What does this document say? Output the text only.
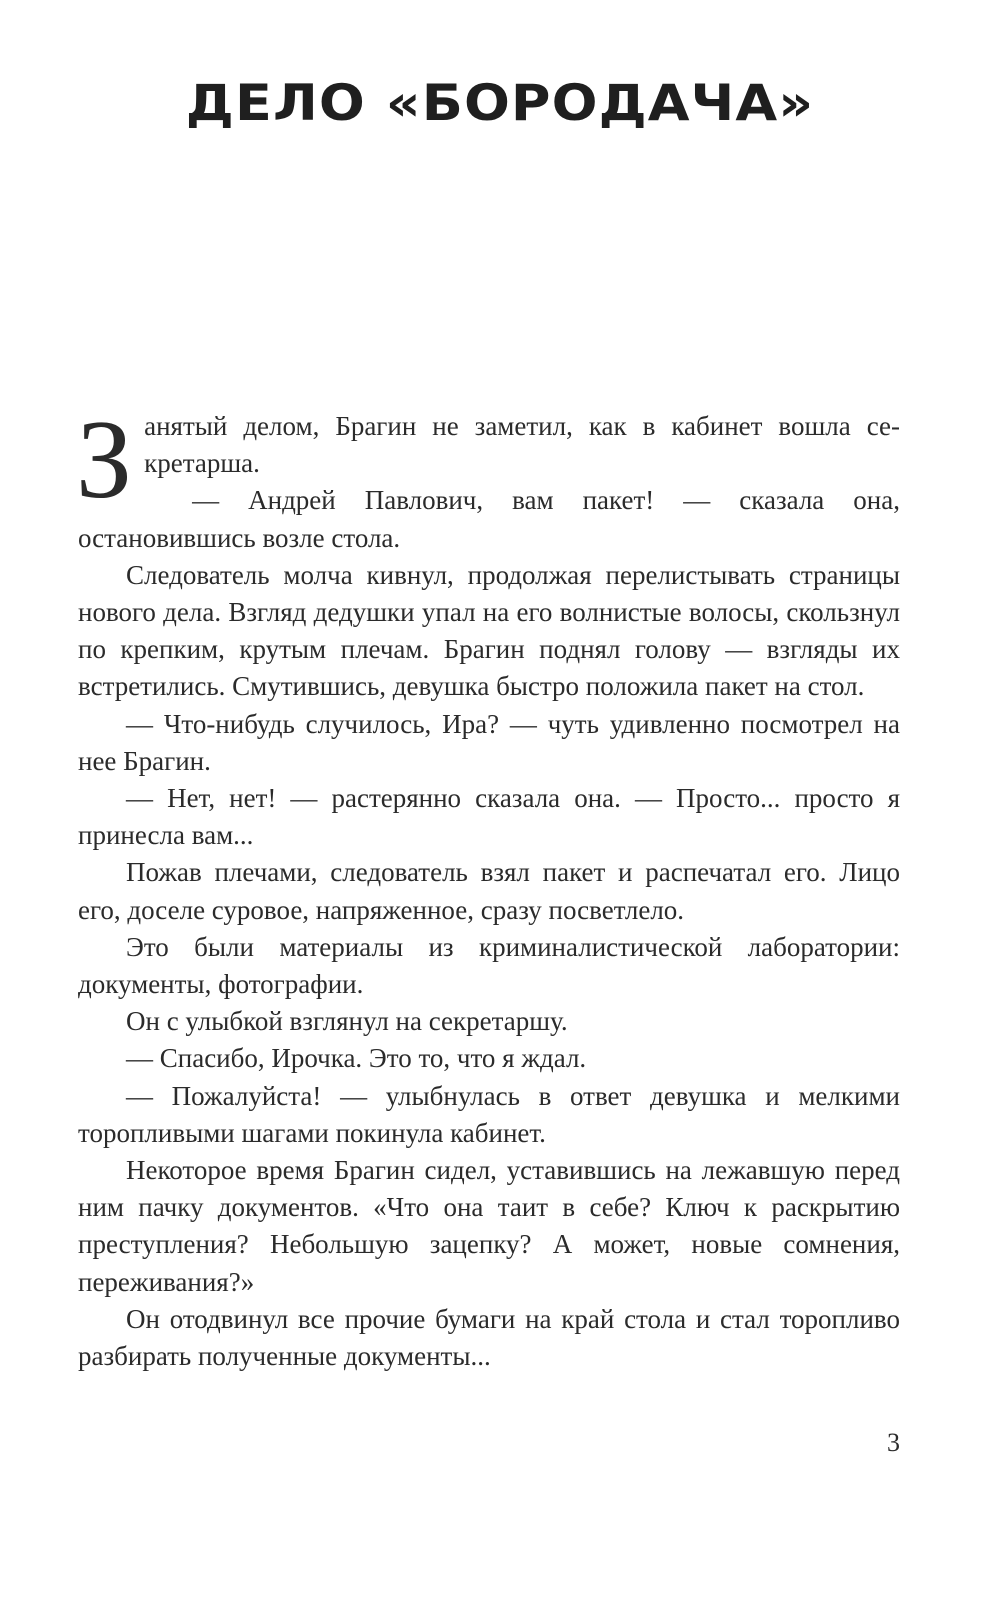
ДЕЛО «БОРОДАЧА»

Занятый делом, Брагин не заметил, как в кабинет вошла се-кретарша.

— Андрей Павлович, вам пакет! — сказала она, остановившись возле стола.

Следователь молча кивнул, продолжая перелистывать страницы нового дела. Взгляд дедушки упал на его волнистые волосы, скользнул по крепким, крутым плечам. Брагин поднял голову — взгляды их встретились. Смутившись, девушка быстро положила пакет на стол.

— Что-нибудь случилось, Ира? — чуть удивленно посмотрел на нее Брагин.

— Нет, нет! — растерянно сказала она. — Просто... просто я принесла вам...

Пожав плечами, следователь взял пакет и распечатал его. Лицо его, доселе суровое, напряженное, сразу посветлело.

Это были материалы из криминалистической лаборатории: документы, фотографии.

Он с улыбкой взглянул на секретаршу.

— Спасибо, Ирочка. Это то, что я ждал.

— Пожалуйста! — улыбнулась в ответ девушка и мелкими торопливыми шагами покинула кабинет.

Некоторое время Брагин сидел, уставившись на лежавшую перед ним пачку документов. «Что она таит в себе? Ключ к раскрытию преступления? Небольшую зацепку? А может, новые сомнения, переживания?»

Он отодвинул все прочие бумаги на край стола и стал торопливо разбирать полученные документы...

3
